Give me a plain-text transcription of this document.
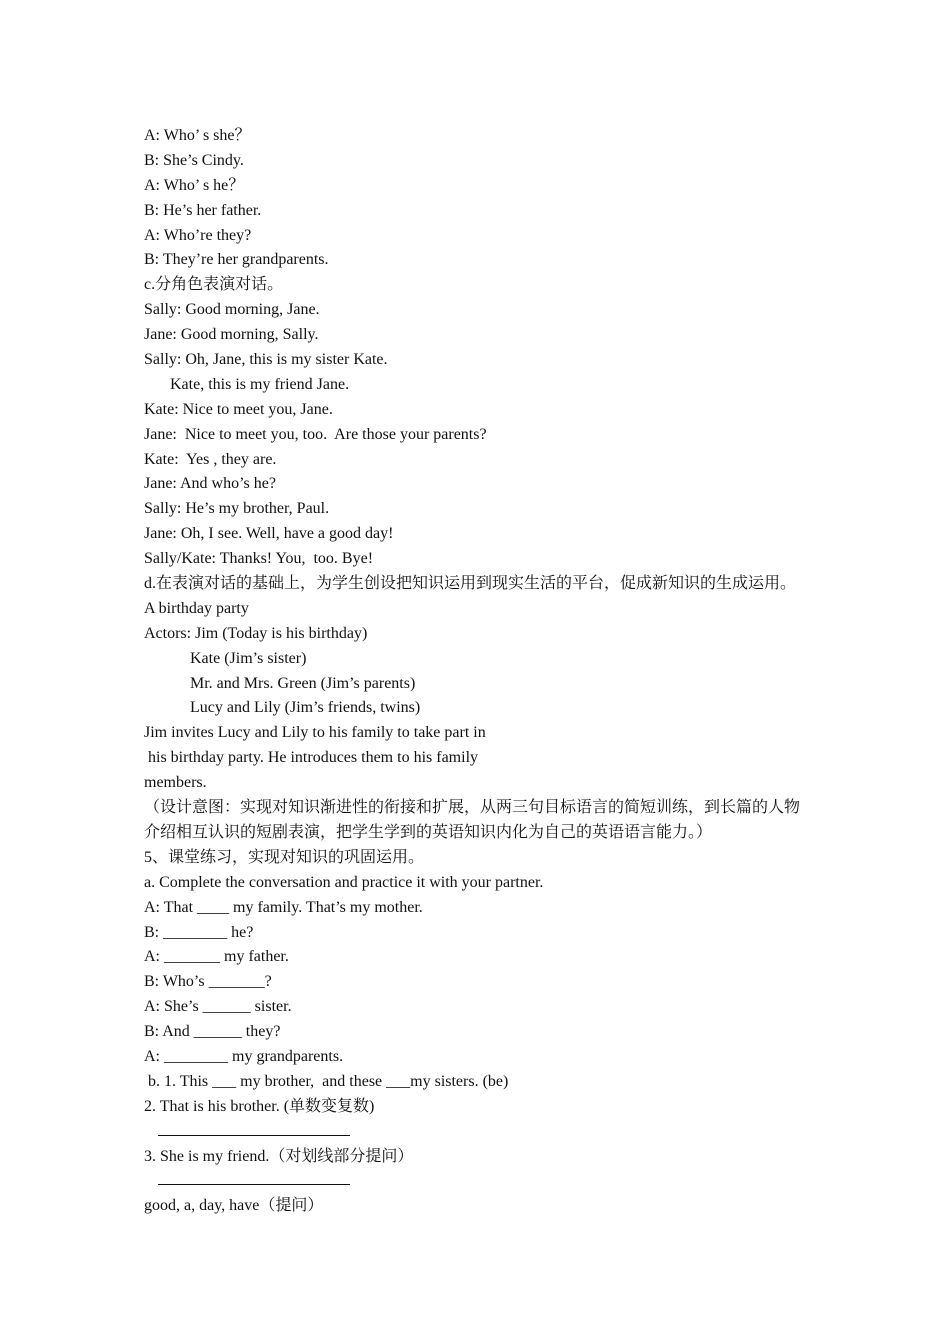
A: Who’ s she？
B: She’s Cindy.
A: Who’ s he？
B: He’s her father.
A: Who’re they?
B: They’re her grandparents.
c.分角色表演对话。
Sally: Good morning, Jane.
Jane: Good morning, Sally.
Sally: Oh, Jane, this is my sister Kate.
Kate, this is my friend Jane.
Kate: Nice to meet you, Jane.
Jane:  Nice to meet you, too.  Are those your parents?
Kate:  Yes , they are.
Jane: And who’s he?
Sally: He’s my brother, Paul.
Jane: Oh, I see. Well, have a good day!
Sally/Kate: Thanks! You,  too. Bye!
d.在表演对话的基础上，为学生创设把知识运用到现实生活的平台，促成新知识的生成运用。
A birthday party
Actors: Jim (Today is his birthday)
Kate (Jim’s sister)
Mr. and Mrs. Green (Jim’s parents)
Lucy and Lily (Jim’s friends, twins)
Jim invites Lucy and Lily to his family to take part in
his birthday party. He introduces them to his family
members.
（设计意图：实现对知识渐进性的衔接和扩展，从两三句目标语言的简短训练，到长篇的人物
介绍相互认识的短剧表演，把学生学到的英语知识内化为自己的英语语言能力。）
5、课堂练习，实现对知识的巩固运用。
a. Complete the conversation and practice it with your partner.
A: That ____ my family. That’s my mother.
B: ________ he?
A: _______ my father.
B: Who’s _______?
A: She’s ______ sister.
B: And ______ they?
A: ________ my grandparents.
b. 1. This ___ my brother,  and these ___my sisters. (be)
2. That is his brother. (单数变复数)
3. She is my friend.（对划线部分提问）
good, a, day, have（提问）
